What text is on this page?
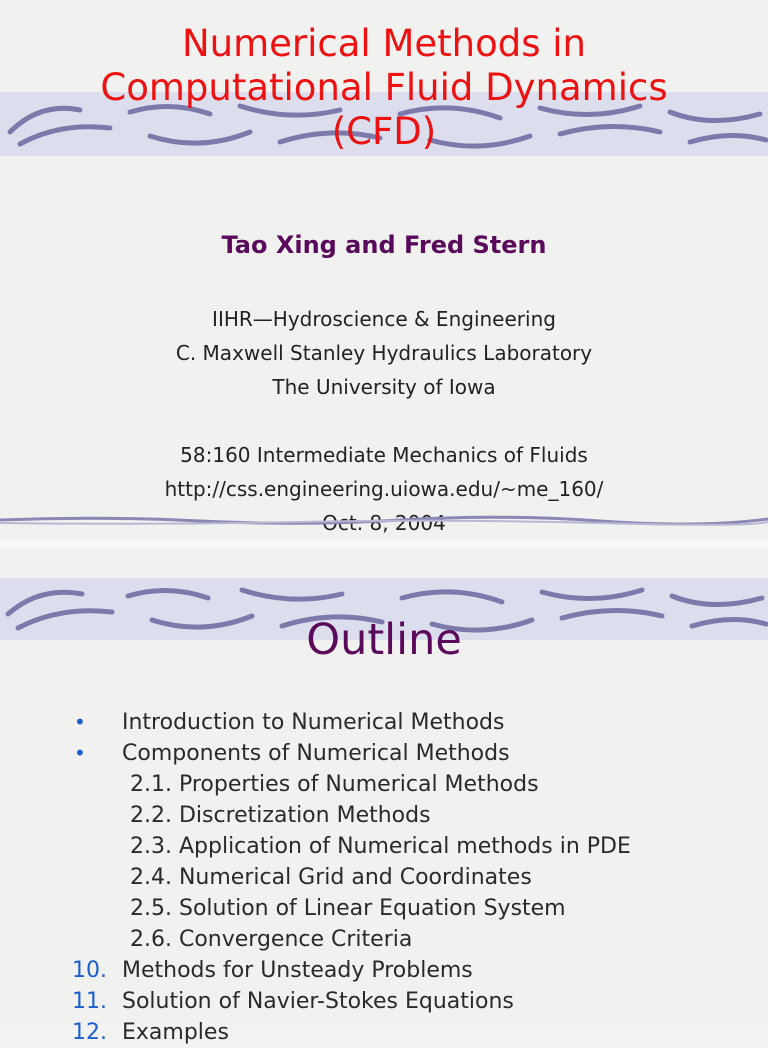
Numerical Methods in
Computational Fluid Dynamics
(CFD)
Tao Xing and Fred Stern
IIHR—Hydroscience & Engineering
C. Maxwell Stanley Hydraulics Laboratory
The University of Iowa
58:160 Intermediate Mechanics of Fluids
http://css.engineering.uiowa.edu/~me_160/
Oct. 8, 2004
Outline
• Introduction to Numerical Methods
• Components of Numerical Methods
2.1. Properties of Numerical Methods
2.2. Discretization Methods
2.3. Application of Numerical methods in PDE
2.4. Numerical Grid and Coordinates
2.5. Solution of Linear Equation System
2.6. Convergence Criteria
10. Methods for Unsteady Problems
11. Solution of Navier-Stokes Equations
12. Examples
